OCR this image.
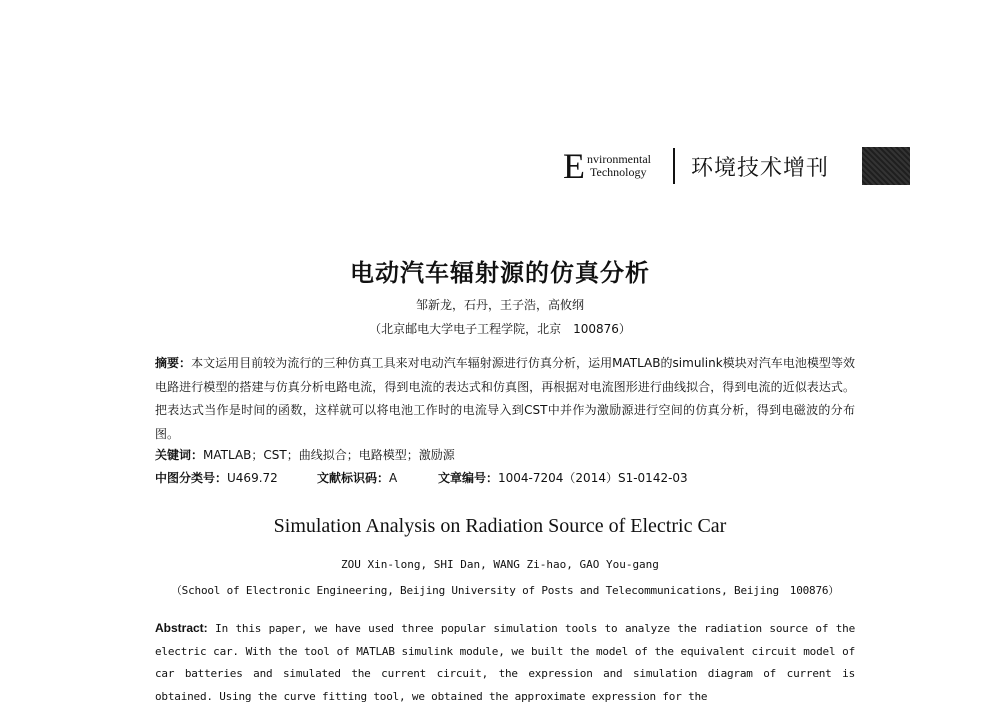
E nvironmental
Technology 环境技术增刊
电动汽车辐射源的仿真分析
邹新龙，石丹，王子浩，高攸纲
（北京邮电大学电子工程学院，北京　100876）
摘要：本文运用目前较为流行的三种仿真工具来对电动汽车辐射源进行仿真分析，运用MATLAB的simulink模块对汽车电池模型等效电路进行模型的搭建与仿真分析电路电流，得到电流的表达式和仿真图，再根据对电流图形进行曲线拟合，得到电流的近似表达式。把表达式当作是时间的函数，这样就可以将电池工作时的电流导入到CST中并作为激励源进行空间的仿真分析，得到电磁波的分布图。
关键词：MATLAB；CST；曲线拟合；电路模型；激励源
中图分类号：U469.72	文献标识码：A	文章编号：1004-7204（2014）S1-0142-03
Simulation Analysis on Radiation Source of Electric Car
ZOU Xin-long, SHI Dan, WANG Zi-hao, GAO You-gang
（School of Electronic Engineering, Beijing University of Posts and Telecommunications, Beijing　100876）
Abstract: In this paper, we have used three popular simulation tools to analyze the radiation source of the electric car. With the tool of MATLAB simulink module, we built the model of the equivalent circuit model of car batteries and simulated the current circuit, the expression and simulation diagram of current is obtained. Using the curve fitting tool, we obtained the approximate expression for the
